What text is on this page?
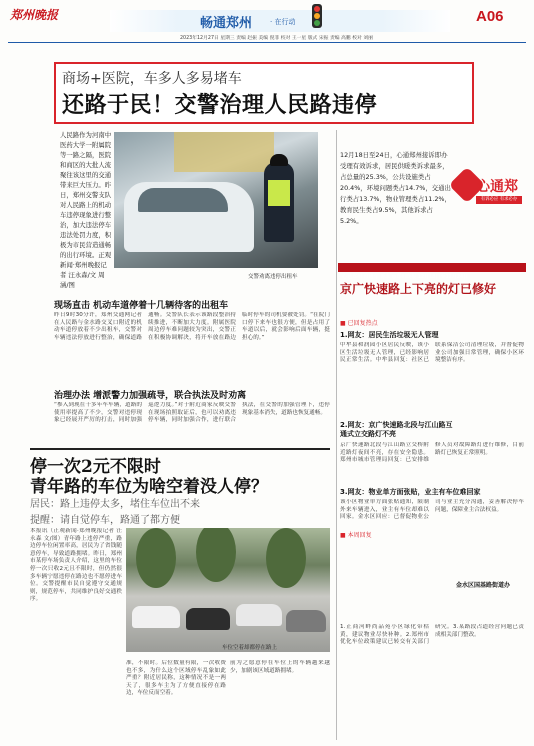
郑州晚报	畅通郑州	· 在行动	A06
2023年12月27日 星期三 责编 赵振 美编 倪菲 校对 王一星 版式 宋振 责编 高鹏 校对 刘丽
商场+医院，车多人多易堵车
还路于民！交警治理人民路违停
人民路作为河南中医药大学一附属院等一路之隔，医院和商区的大批人流聚往该这里的交通带来巨大压力。昨日，郑州交警支队对人民路上的机动车违停现象进行整治，加大违法停车违法处罚力度，积极为市民营造通畅的出行环境。正观新闻·郑州晚报记者 汪永森/文 周涵/图
交警劝离违停出租车
现场直击 机动车道停着十几辆待客的出租车
昨日9时30分许，郑州交通网记者在人民路与金水路交叉口附近的机动车道停放着不少出租车，交警对车辆违法停放进行整治，确保道路通畅。交警队长表示该路段整治持续推进，不断加大力度。附属医院周边停车难问题较为突出，交警正在积极协调解决，将开车放在路边临时停车的司机要被处罚。“在院门口停下来车也很方便，但是占用了车道以后，就会影响后面车辆，挺担心的。”
治理办法 增派警力加强疏导，联合执法及时劝离
“参入到现在干多年车车辆，道路的使用率提高了不少，交警对违停现象已经展开严厉的打击，同时加强巡逻力度。”对于附近商家反映交警在现场拍照取证后，也可以劝离违停车辆，同时加强合作，进行联合执法，在交警的加强管理下，违停现象基本消失，道路也恢复通畅。
12月18日至24日，心通郑州接诉即办受理有效诉求，居民供暖类诉求最多，占总量的25.3%，公共设施类占20.4%，环境问题类占14.7%，交通出行类占13.7%，物业管理类占11.2%，教育民生类占9.5%，其他诉求占5.2%。
心通郑
有诉必应 有求必办
心通郑州 直通车 诉求 ◎郑州晚报 12月18日至12月24日
京广快速路上下亮的灯已修好
■ 已回复热点
1.网友：居民生活垃圾无人管理
中牟县和润园小区居民反映，该小区生活垃圾无人管理，已经影响居民正常生活。中牟县回复：社区已联系保洁公司清理垃圾，并督促物业公司加强日常管理，确保小区环境整洁有序。
2.网友：京广快速路北段与江山路互通式立交路灯不亮
京广快速路北段与江山路立交桥附近路灯夜间不亮，存在安全隐患。郑州市城市管理局回复：已安排维修人员对故障路灯进行维修，目前路灯已恢复正常照明。
3.网友：物业单方面张贴，业主有车位难回家
该小区物业单方面张贴通知，限制外来车辆进入，业主有车位却难以回家。金水区回应：已督促物业公司与业主充分沟通，妥善解决停车问题，保障业主合法权益。
■ 本周回复
金水区国基路街道办
1.正商河畔尚品苑小区绿化带枯黄，建议物业尽快补种。2.郑州市优化车位政策建议已转交有关部门研究。3.某路段占道经营问题已责成相关部门整改。
停一次2元不限时
青年路的车位为啥空着没人停？
居民：路上违停太多，堵住车位出不来
提醒：请自觉停车，路通了都方便
本报讯（正观新闻·郑州晚报记者 汪永森 文/图）青年路上违停严重，路边停车位闲置率高，居民为了省钱随意停车，导致道路拥堵。昨日，郑州市某停车场负责人介绍，这里的车位停一次只收2元且不限时，但仍然很多车辆宁愿违停在路边也不愿停进车位。交警提醒市民自觉遵守交通规则，规范停车，共同维护良好交通秩序。
车位空着却都停在路上
准，不限时。后位数量有限，一次收费也不多，为什么这个区域停车乱象如此严重？附近居民称，这种情况不是一两天了，很多车主为了方便直接停在路边，车位反而空着。
前为之愿意停在车位上的车辆越来越少，加剧该区域道路拥堵。
